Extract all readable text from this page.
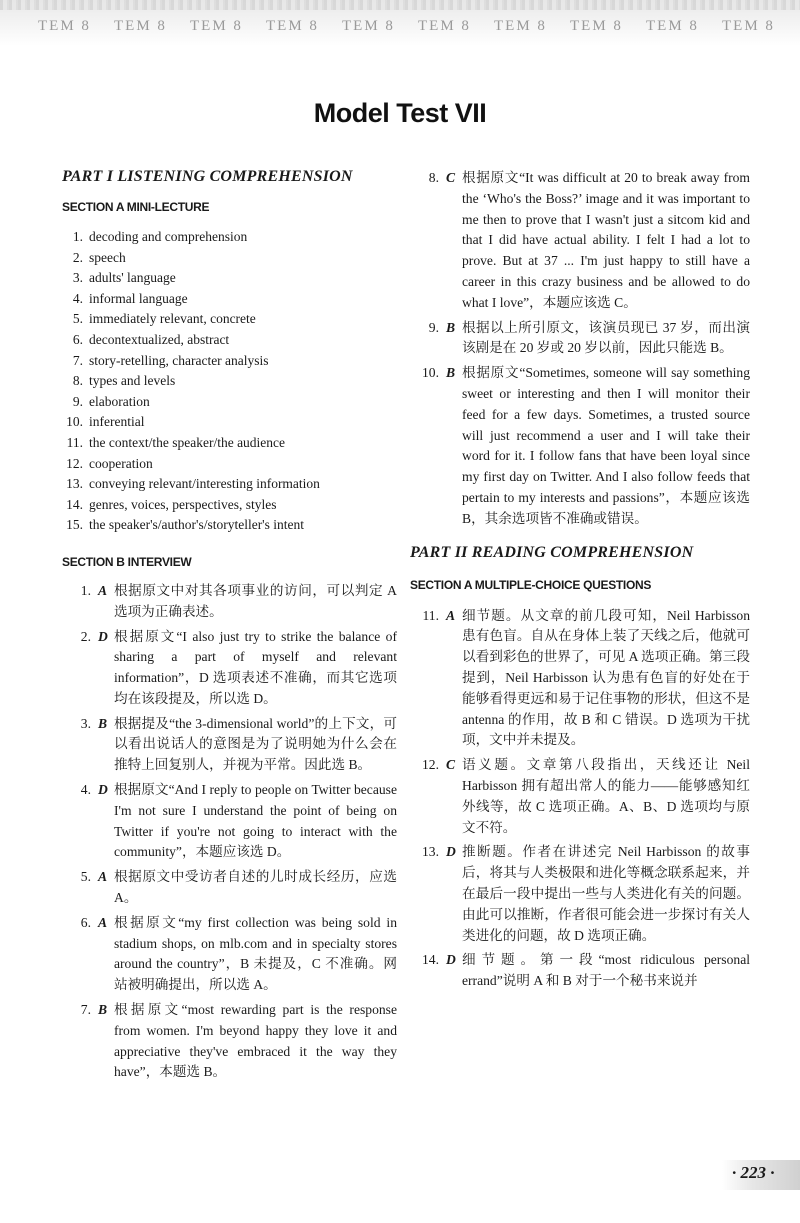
TEM 8	TEM 8	TEM 8	TEM 8	TEM 8	TEM 8	TEM 8	TEM 8	TEM 8	TEM 8
Model Test VII
PART I LISTENING COMPREHENSION
SECTION A MINI-LECTURE
1. decoding and comprehension
2. speech
3. adults' language
4. informal language
5. immediately relevant, concrete
6. decontextualized, abstract
7. story-retelling, character analysis
8. types and levels
9. elaboration
10. inferential
11. the context/the speaker/the audience
12. cooperation
13. conveying relevant/interesting information
14. genres, voices, perspectives, styles
15. the speaker's/author's/storyteller's intent
SECTION B INTERVIEW
1. A 根据原文中对其各项事业的访问，可以判定 A 选项为正确表述。
2. D 根据原文“I also just try to strike the balance of sharing a part of myself and relevant information”，D 选项表述不准确，而其它选项均在该段提及，所以选 D。
3. B 根据提及“the 3-dimensional world”的上下文，可以看出说话人的意图是为了说明她为什么会在推特上回复别人，并视为平常。因此选 B。
4. D 根据原文“And I reply to people on Twitter because I'm not sure I understand the point of being on Twitter if you're not going to interact with the community”，本题应该选 D。
5. A 根据原文中受访者自述的儿时成长经历，应选 A。
6. A 根据原文“my first collection was being sold in stadium shops, on mlb.com and in specialty stores around the country”，B 未提及，C 不准确。网站被明确提出，所以选 A。
7. B 根据原文“most rewarding part is the response from women. I'm beyond happy they love it and appreciative they've embraced it the way they have”，本题选 B。
8. C 根据原文“It was difficult at 20 to break away from the ‘Who's the Boss?’ image and it was important to me then to prove that I wasn't just a sitcom kid and that I did have actual ability. I felt I had a lot to prove. But at 37 ... I'm just happy to still have a career in this crazy business and be allowed to do what I love”，本题应该选 C。
9. B 根据以上所引原文，该演员现已 37 岁，而出演该剧是在 20 岁或 20 岁以前，因此只能选 B。
10. B 根据原文“Sometimes, someone will say something sweet or interesting and then I will monitor their feed for a few days. Sometimes, a trusted source will just recommend a user and I will take their word for it. I follow fans that have been loyal since my first day on Twitter. And I also follow feeds that pertain to my interests and passions”，本题应该选 B，其余选项皆不准确或错误。
PART II READING COMPREHENSION
SECTION A MULTIPLE-CHOICE QUESTIONS
11. A 细节题。从文章的前几段可知，Neil Harbisson 患有色盲。自从在身体上装了天线之后，他就可以看到彩色的世界了，可见 A 选项正确。第三段提到，Neil Harbisson 认为患有色盲的好处在于能够看得更远和易于记住事物的形状，但这不是 antenna 的作用，故 B 和 C 错误。D 选项为干扰项，文中并未提及。
12. C 语义题。文章第八段指出，天线还让 Neil Harbisson 拥有超出常人的能力——能够感知红外线等，故 C 选项正确。A、B、D 选项均与原文不符。
13. D 推断题。作者在讲述完 Neil Harbisson 的故事后，将其与人类极限和进化等概念联系起来，并在最后一段中提出一些与人类进化有关的问题。由此可以推断，作者很可能会进一步探讨有关人类进化的问题，故 D 选项正确。
14. D 细节题。第一段“most ridiculous personal errand”说明 A 和 B 对于一个秘书来说并
· 223 ·
